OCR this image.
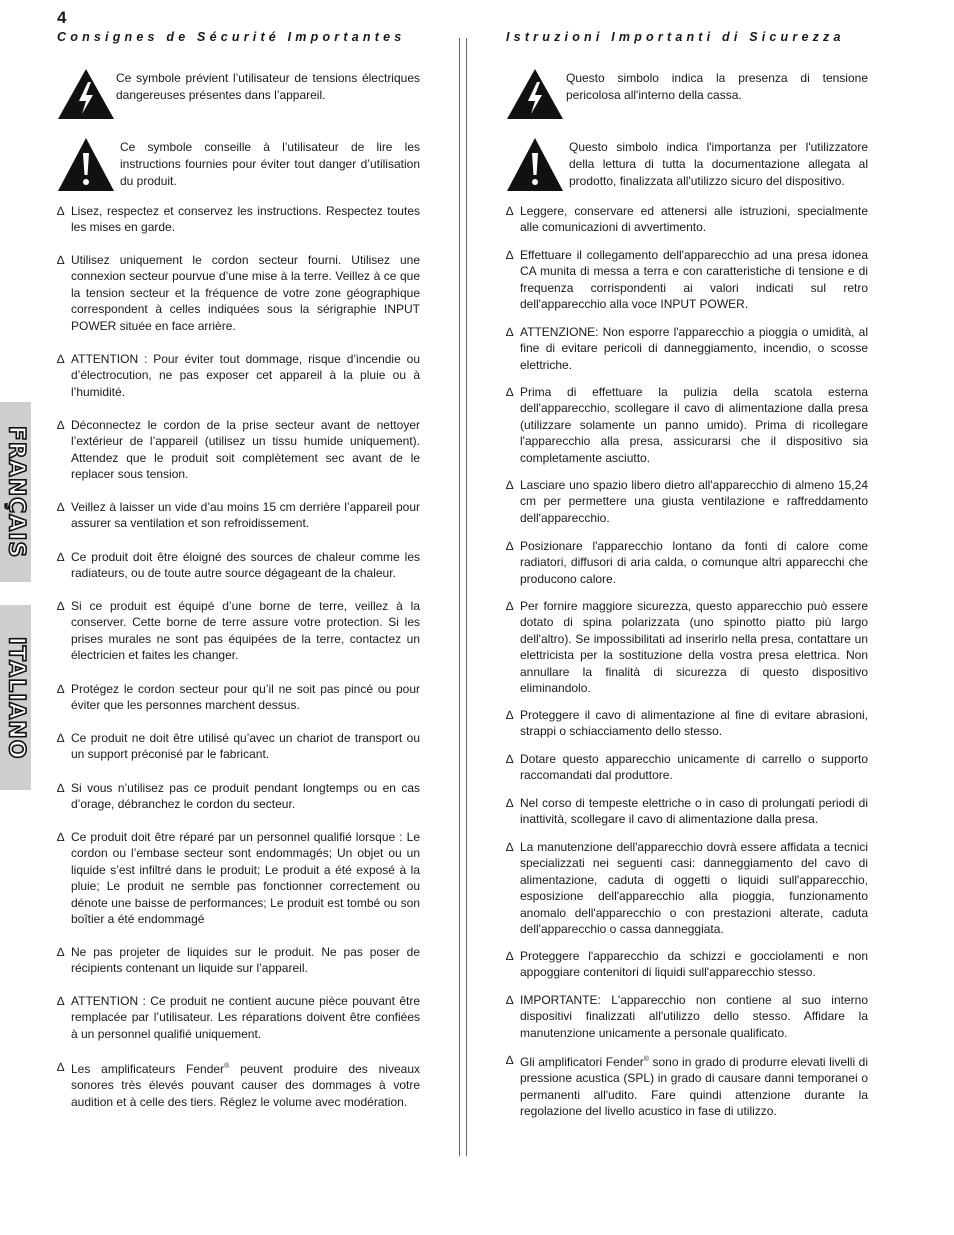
4
FRANÇAIS
ITALIANO
Consignes de Sécurité Importantes

Ce symbole prévient l’utilisateur de tensions électriques dangereuses présentes dans l’appareil.

Ce symbole conseille à l’utilisateur de lire les instructions fournies pour éviter tout danger d’utilisation du produit.

∆ Lisez, respectez et conservez les instructions. Respectez toutes les mises en garde.
∆ Utilisez uniquement le cordon secteur fourni. Utilisez une connexion secteur pourvue d’une mise à la terre. Veillez à ce que la tension secteur et la fréquence de votre zone géographique correspondent à celles indiquées sous la sérigraphie INPUT POWER située en face arrière.
∆ ATTENTION : Pour éviter tout dommage, risque d’incendie ou d’électrocution, ne pas exposer cet appareil à la pluie ou à l’humidité.
∆ Déconnectez le cordon de la prise secteur avant de nettoyer l’extérieur de l’appareil (utilisez un tissu humide uniquement). Attendez que le produit soit complètement sec avant de le replacer sous tension.
∆ Veillez à laisser un vide d’au moins 15 cm derrière l’appareil pour assurer sa ventilation et son refroidissement.
∆ Ce produit doit être éloigné des sources de chaleur comme les radiateurs, ou de toute autre source dégageant de la chaleur.
∆ Si ce produit est équipé d’une borne de terre, veillez à la conserver. Cette borne de terre assure votre protection. Si les prises murales ne sont pas équipées de la terre, contactez un électricien et faites les changer.
∆ Protégez le cordon secteur pour qu’il ne soit pas pincé ou pour éviter que les personnes marchent dessus.
∆ Ce produit ne doit être utilisé qu’avec un chariot de transport ou un support préconisé par le fabricant.
∆ Si vous n’utilisez pas ce produit pendant longtemps ou en cas d’orage, débranchez le cordon du secteur.
∆ Ce produit doit être réparé par un personnel qualifié lorsque : Le cordon ou l’embase secteur sont endommagés; Un objet ou un liquide s’est infiltré dans le produit; Le produit a été exposé à la pluie; Le produit ne semble pas fonctionner correctement ou dénote une baisse de performances; Le produit est tombé ou son boîtier a été endommagé
∆ Ne pas projeter de liquides sur le produit. Ne pas poser de récipients contenant un liquide sur l’appareil.
∆ ATTENTION : Ce produit ne contient aucune pièce pouvant être remplacée par l’utilisateur. Les réparations doivent être confiées à un personnel qualifié uniquement.
∆ Les amplificateurs Fender® peuvent produire des niveaux sonores très élevés pouvant causer des dommages à votre audition et à celle des tiers. Réglez le volume avec modération.
Istruzioni Importanti di Sicurezza

Questo simbolo indica la presenza di tensione pericolosa all'interno della cassa.

Questo simbolo indica l'importanza per l'utilizzatore della lettura di tutta la documentazione allegata al prodotto, finalizzata all'utilizzo sicuro del dispositivo.

∆ Leggere, conservare ed attenersi alle istruzioni, specialmente alle comunicazioni di avvertimento.
∆ Effettuare il collegamento dell'apparecchio ad una presa idonea CA munita di messa a terra e con caratteristiche di tensione e di frequenza corrispondenti ai valori indicati sul retro dell'apparecchio alla voce INPUT POWER.
∆ ATTENZIONE: Non esporre l'apparecchio a pioggia o umidità, al fine di evitare pericoli di danneggiamento, incendio, o scosse elettriche.
∆ Prima di effettuare la pulizia della scatola esterna dell'apparecchio, scollegare il cavo di alimentazione dalla presa (utilizzare solamente un panno umido). Prima di ricollegare l'apparecchio alla presa, assicurarsi che il dispositivo sia completamente asciutto.
∆ Lasciare uno spazio libero dietro all'apparecchio di almeno 15,24 cm per permettere una giusta ventilazione e raffreddamento dell'apparecchio.
∆ Posizionare l'apparecchio lontano da fonti di calore come radiatori, diffusori di aria calda, o comunque altri apparecchi che producono calore.
∆ Per fornire maggiore sicurezza, questo apparecchio può essere dotato di spina polarizzata (uno spinotto piatto più largo dell'altro). Se impossibilitati ad inserirlo nella presa, contattare un elettricista per la sostituzione della vostra presa elettrica. Non annullare la finalità di sicurezza di questo dispositivo eliminandolo.
∆ Proteggere il cavo di alimentazione al fine di evitare abrasioni, strappi o schiacciamento dello stesso.
∆ Dotare questo apparecchio unicamente di carrello o supporto raccomandati dal produttore.
∆ Nel corso di tempeste elettriche o in caso di prolungati periodi di inattività, scollegare il cavo di alimentazione dalla presa.
∆ La manutenzione dell'apparecchio dovrà essere affidata a tecnici specializzati nei seguenti casi: danneggiamento del cavo di alimentazione, caduta di oggetti o liquidi sull'apparecchio, esposizione dell'apparecchio alla pioggia, funzionamento anomalo dell'apparecchio o con prestazioni alterate, caduta dell'apparecchio o cassa danneggiata.
∆ Proteggere l'apparecchio da schizzi e gocciolamenti e non appoggiare contenitori di liquidi sull'apparecchio stesso.
∆ IMPORTANTE: L'apparecchio non contiene al suo interno dispositivi finalizzati all'utilizzo dello stesso. Affidare la manutenzione unicamente a personale qualificato.
∆ Gli amplificatori Fender® sono in grado di produrre elevati livelli di pressione acustica (SPL) in grado di causare danni temporanei o permanenti all'udito. Fare quindi attenzione durante la regolazione del livello acustico in fase di utilizzo.
